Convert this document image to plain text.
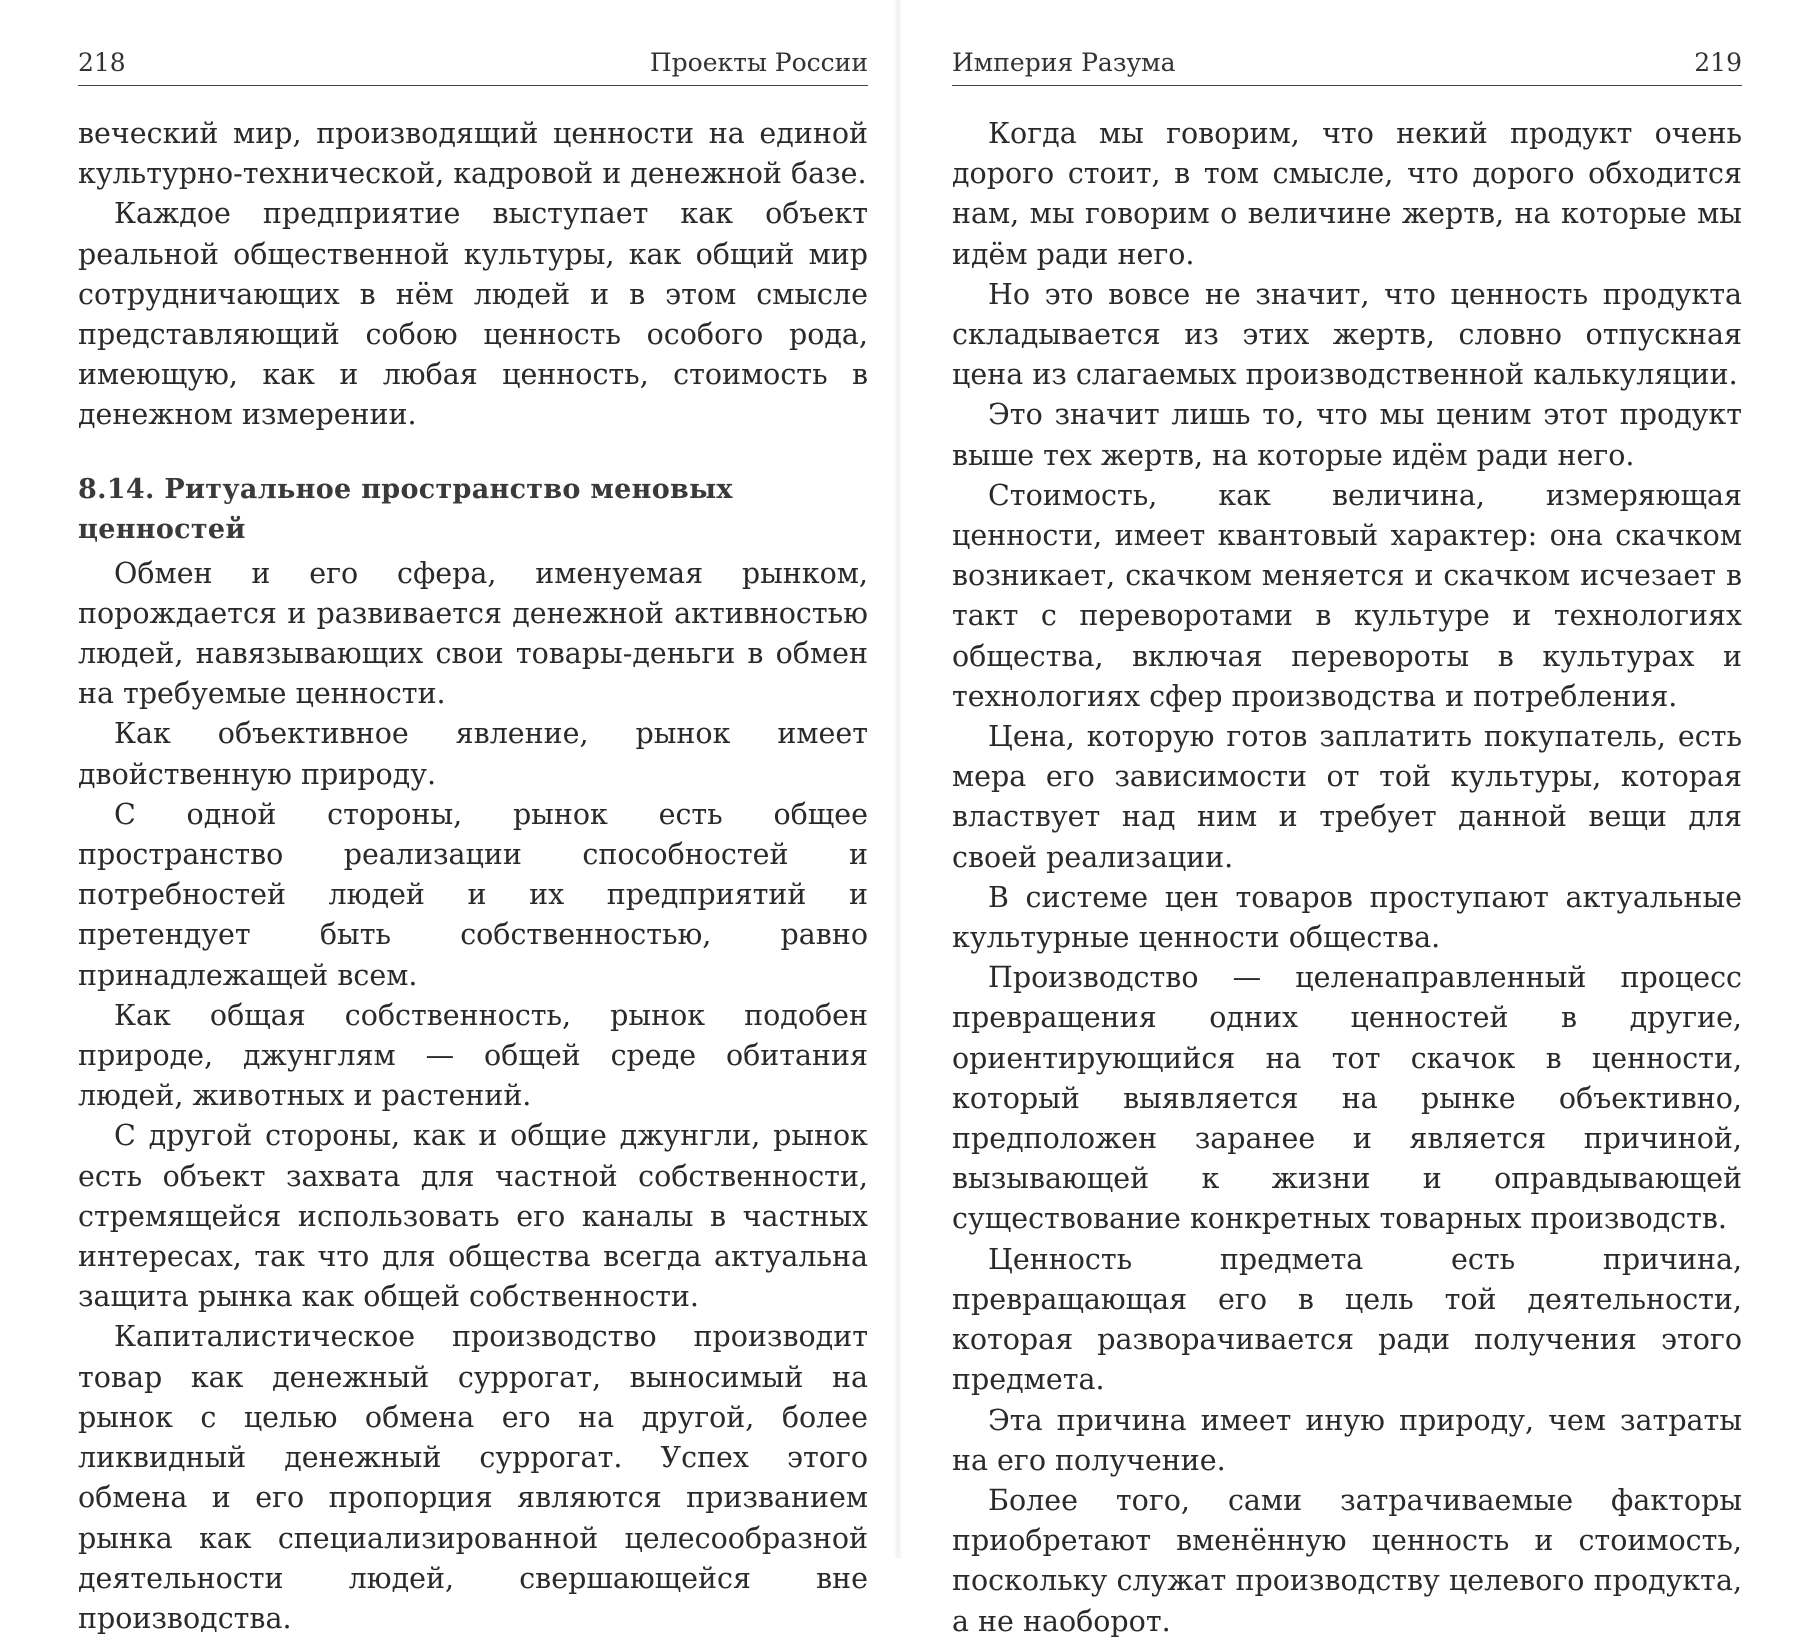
218	Проекты России

веческий мир, производящий ценности на единой культурно-технической, кадровой и денежной базе.

Каждое предприятие выступает как объект реальной общественной культуры, как общий мир сотрудничающих в нём людей и в этом смысле представляющий собою ценность особого рода, имеющую, как и любая ценность, стоимость в денежном измерении.

8.14. Ритуальное пространство меновых ценностей

Обмен и его сфера, именуемая рынком, порождается и развивается денежной активностью людей, навязывающих свои товары-деньги в обмен на требуемые ценности.

Как объективное явление, рынок имеет двойственную природу.

С одной стороны, рынок есть общее пространство реализации способностей и потребностей людей и их предприятий и претендует быть собственностью, равно принадлежащей всем.

Как общая собственность, рынок подобен природе, джунглям — общей среде обитания людей, животных и растений.

С другой стороны, как и общие джунгли, рынок есть объект захвата для частной собственности, стремящейся использовать его каналы в частных интересах, так что для общества всегда актуальна защита рынка как общей собственности.

Капиталистическое производство производит товар как денежный суррогат, выносимый на рынок с целью обмена его на другой, более ликвидный денежный суррогат. Успех этого обмена и его пропорция являются призванием рынка как специализированной целесообразной деятельности людей, свершающейся вне производства.

Империя Разума	219

Когда мы говорим, что некий продукт очень дорого стоит, в том смысле, что дорого обходится нам, мы говорим о величине жертв, на которые мы идём ради него.

Но это вовсе не значит, что ценность продукта складывается из этих жертв, словно отпускная цена из слагаемых производственной калькуляции.

Это значит лишь то, что мы ценим этот продукт выше тех жертв, на которые идём ради него.

Стоимость, как величина, измеряющая ценности, имеет квантовый характер: она скачком возникает, скачком меняется и скачком исчезает в такт с переворотами в культуре и технологиях общества, включая перевороты в культурах и технологиях сфер производства и потребления.

Цена, которую готов заплатить покупатель, есть мера его зависимости от той культуры, которая властвует над ним и требует данной вещи для своей реализации.

В системе цен товаров проступают актуальные культурные ценности общества.

Производство — целенаправленный процесс превращения одних ценностей в другие, ориентирующийся на тот скачок в ценности, который выявляется на рынке объективно, предположен заранее и является причиной, вызывающей к жизни и оправдывающей существование конкретных товарных производств.

Ценность предмета есть причина, превращающая его в цель той деятельности, которая разворачивается ради получения этого предмета.

Эта причина имеет иную природу, чем затраты на его получение.

Более того, сами затрачиваемые факторы приобретают вменённую ценность и стоимость, поскольку служат производству целевого продукта, а не наоборот.
